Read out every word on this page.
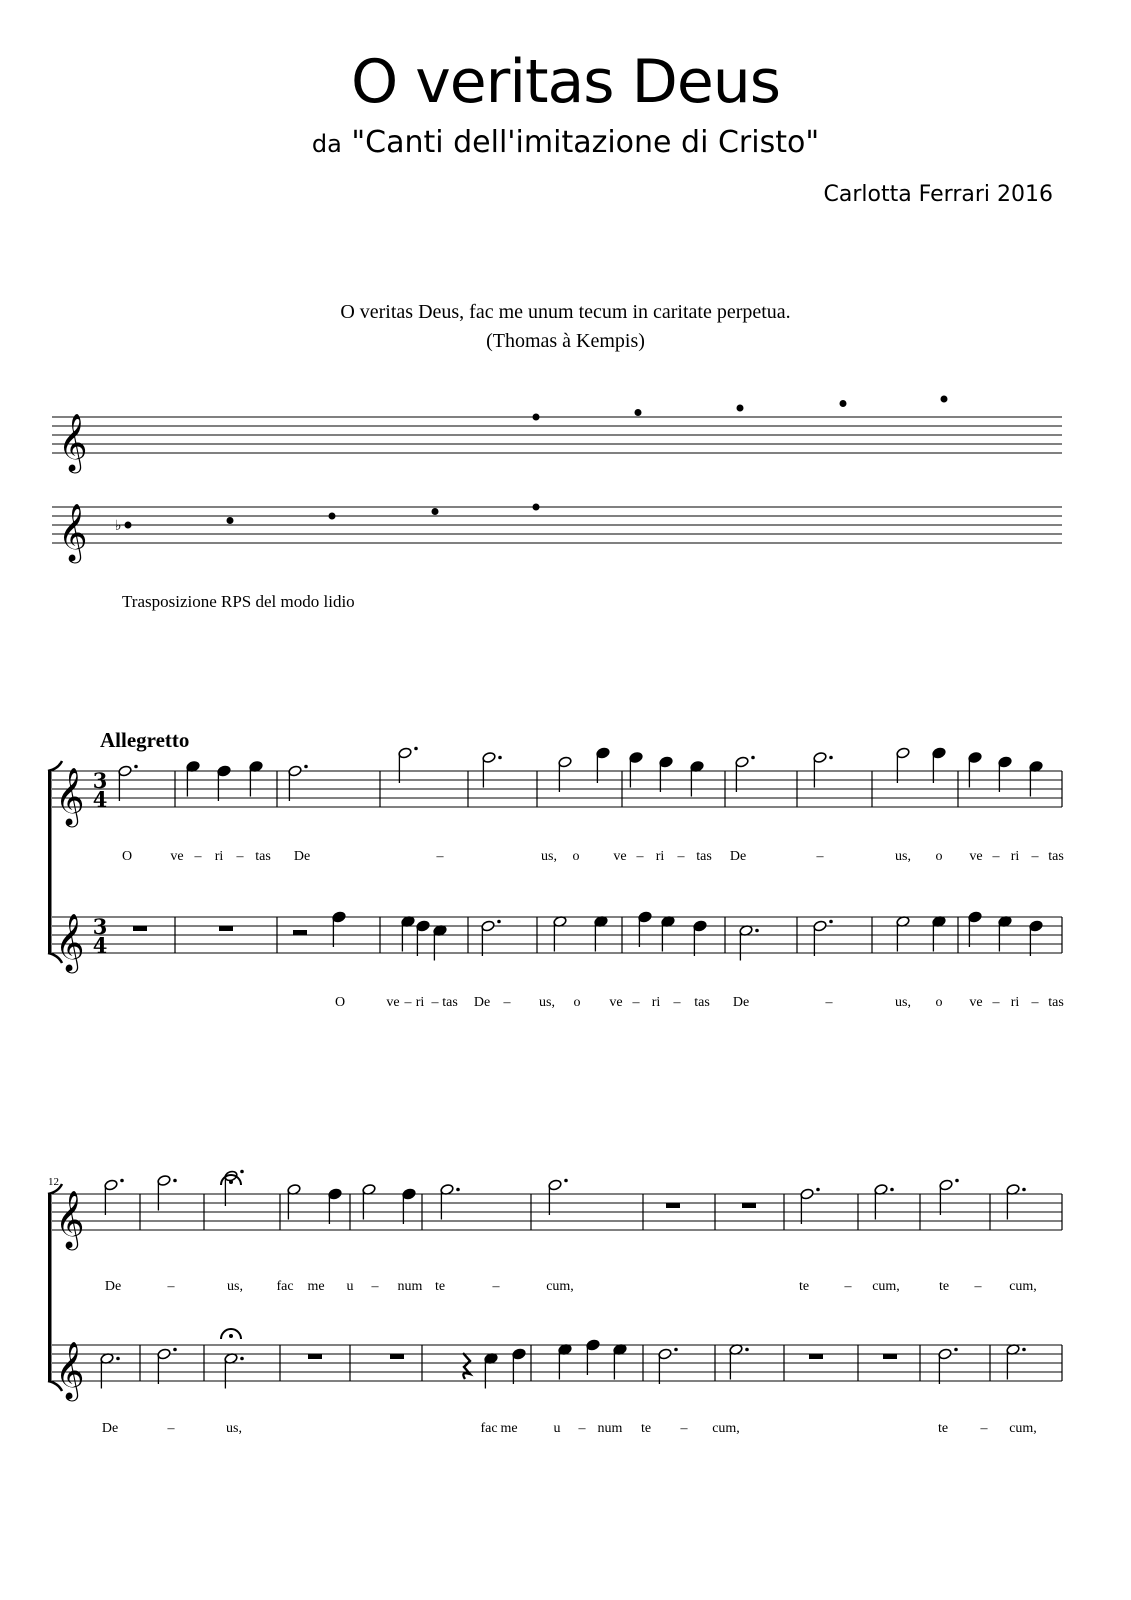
O veritas Deus
da "Canti dell'imitazione di Cristo"
Carlotta Ferrari 2016
O veritas Deus, fac me unum tecum in caritate perpetua.
(Thomas à Kempis)
Trasposizione RPS del modo lidio
Allegretto
𝄞
𝄞 ♭
𝄞
𝄞
3
4
3
4
O	ve – ri – tas De	–	us, o ve – ri – tas De	–	us, o ve – ri – tas
O	ve – ri – tas De – us, o ve – ri – tas De	–	us, o ve – ri – tas
𝄞
𝄞
12
De	–	us, fac me u – num te	–	cum,	te	– cum,	te – cum,
De	–	us,	fac me	u – num te – cum,	te – cum,
